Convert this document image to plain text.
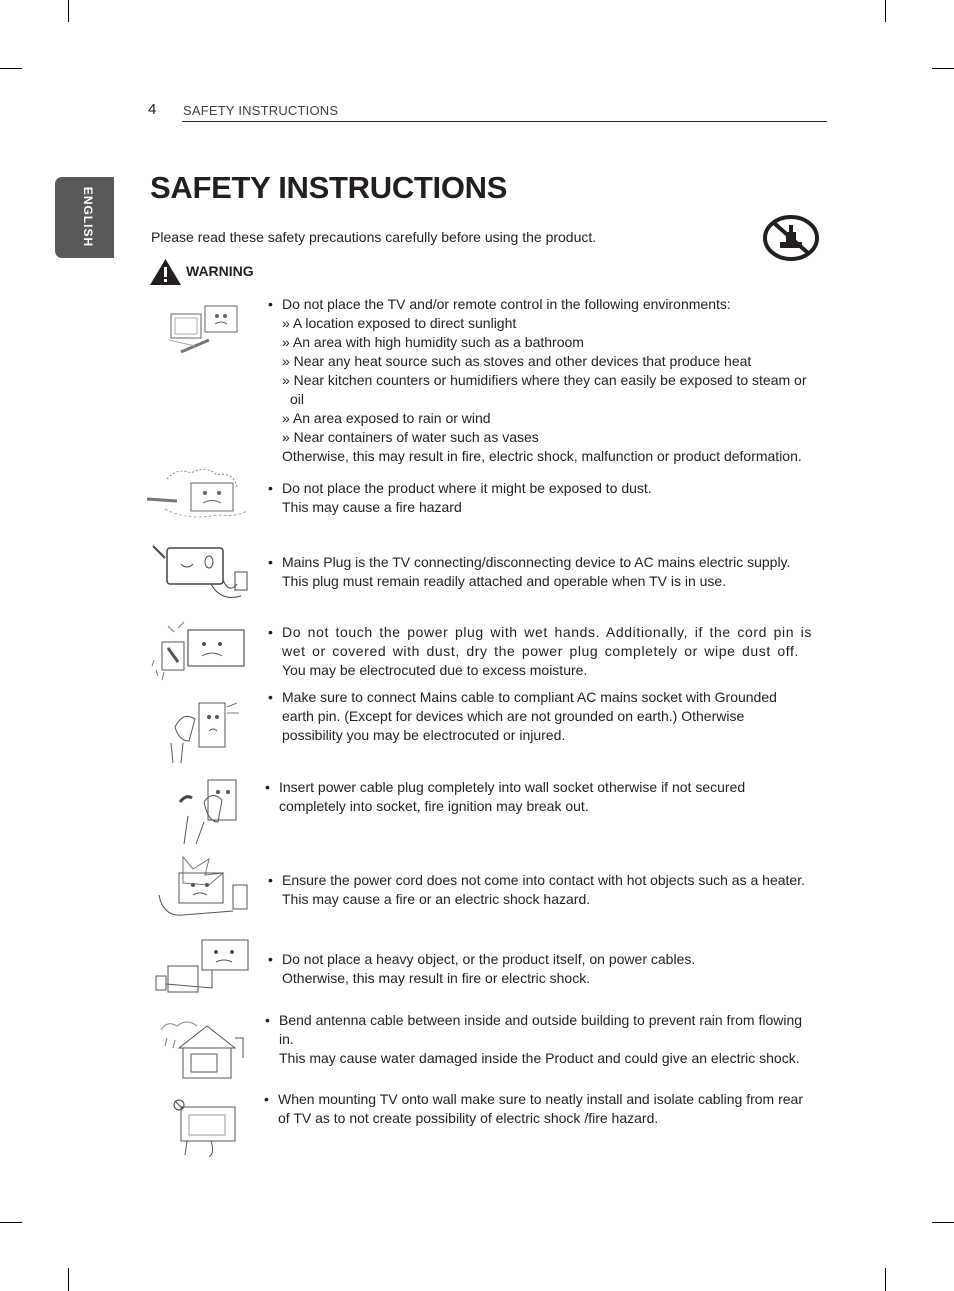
ENGLISH
4 SAFETY INSTRUCTIONS
SAFETY INSTRUCTIONS
Please read these safety precautions carefully before using the product.
WARNING
• Do not place the TV and/or remote control in the following environments:
» A location exposed to direct sunlight
» An area with high humidity such as a bathroom
» Near any heat source such as stoves and other devices that produce heat
» Near kitchen counters or humidifiers where they can easily be exposed to steam or
oil
» An area exposed to rain or wind
» Near containers of water such as vases
Otherwise, this may result in fire, electric shock, malfunction or product deformation.
• Do not place the product where it might be exposed to dust.
This may cause a fire hazard
• Mains Plug is the TV connecting/disconnecting device to AC mains electric supply.
This plug must remain readily attached and operable when TV is in use.
• Do not touch the power plug with wet hands. Additionally, if the cord pin is wet or covered with dust, dry the power plug completely or wipe dust off.
You may be electrocuted due to excess moisture.
• Make sure to connect Mains cable to compliant AC mains socket with Grounded
earth pin. (Except for devices which are not grounded on earth.) Otherwise
possibility you may be electrocuted or injured.
• Insert power cable plug completely into wall socket otherwise if not secured
completely into socket, fire ignition may break out.
• Ensure the power cord does not come into contact with hot objects such as a heater.
This may cause a fire or an electric shock hazard.
• Do not place a heavy object, or the product itself, on power cables.
Otherwise, this may result in fire or electric shock.
• Bend antenna cable between inside and outside building to prevent rain from flowing
in.
This may cause water damaged inside the Product and could give an electric shock.
• When mounting TV onto wall make sure to neatly install and isolate cabling from rear
of TV as to not create possibility of electric shock /fire hazard.
